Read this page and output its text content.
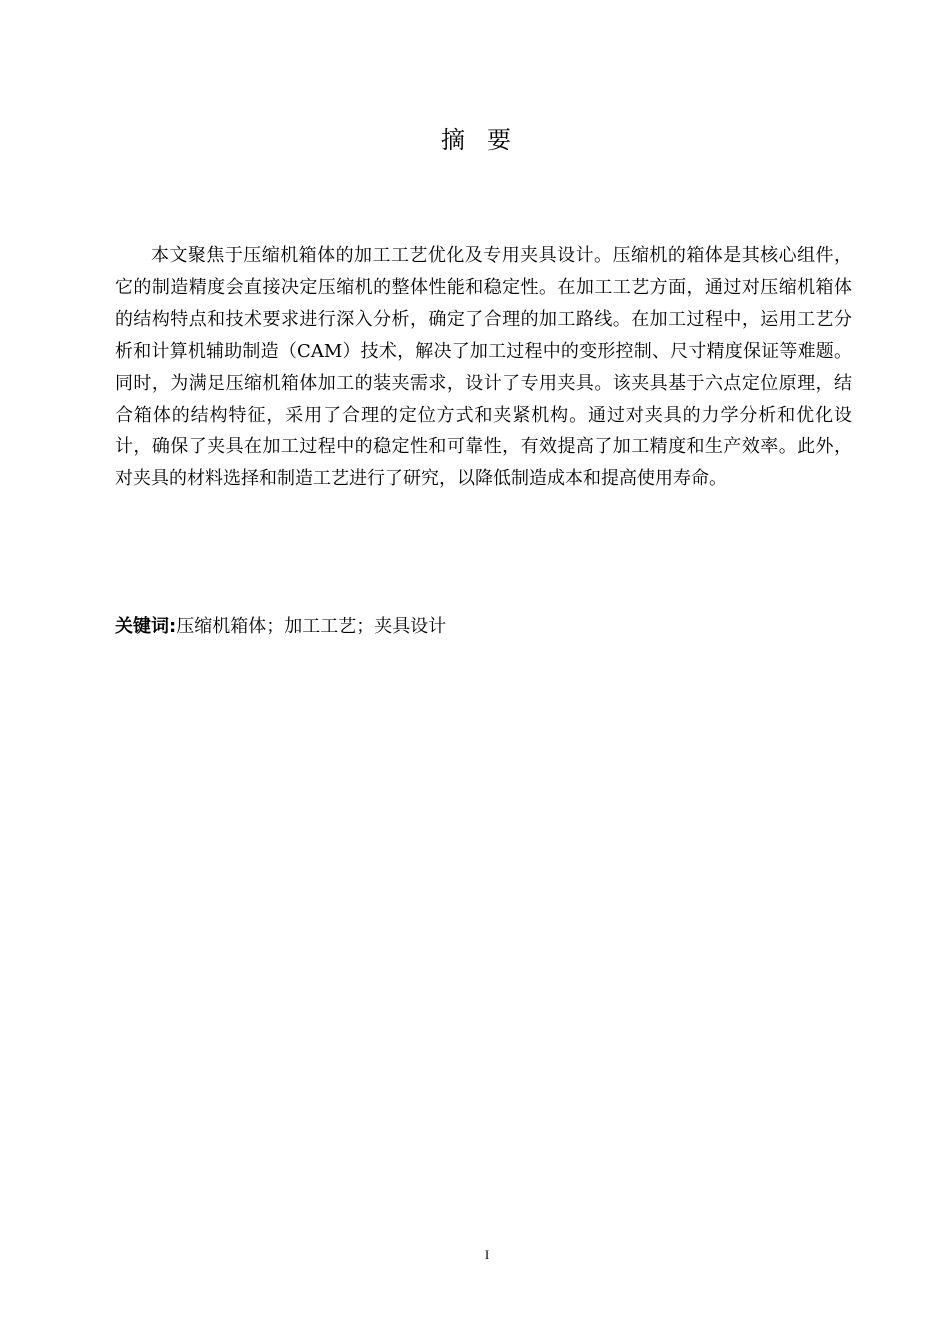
摘要

本文聚焦于压缩机箱体的加工工艺优化及专用夹具设计。压缩机的箱体是其核心组件，它的制造精度会直接决定压缩机的整体性能和稳定性。在加工工艺方面，通过对压缩机箱体的结构特点和技术要求进行深入分析，确定了合理的加工路线。在加工过程中，运用工艺分析和计算机辅助制造（CAM）技术，解决了加工过程中的变形控制、尺寸精度保证等难题。同时，为满足压缩机箱体加工的装夹需求，设计了专用夹具。该夹具基于六点定位原理，结合箱体的结构特征，采用了合理的定位方式和夹紧机构。通过对夹具的力学分析和优化设计，确保了夹具在加工过程中的稳定性和可靠性，有效提高了加工精度和生产效率。此外，对夹具的材料选择和制造工艺进行了研究，以降低制造成本和提高使用寿命。

关键词:压缩机箱体；加工工艺；夹具设计

I
